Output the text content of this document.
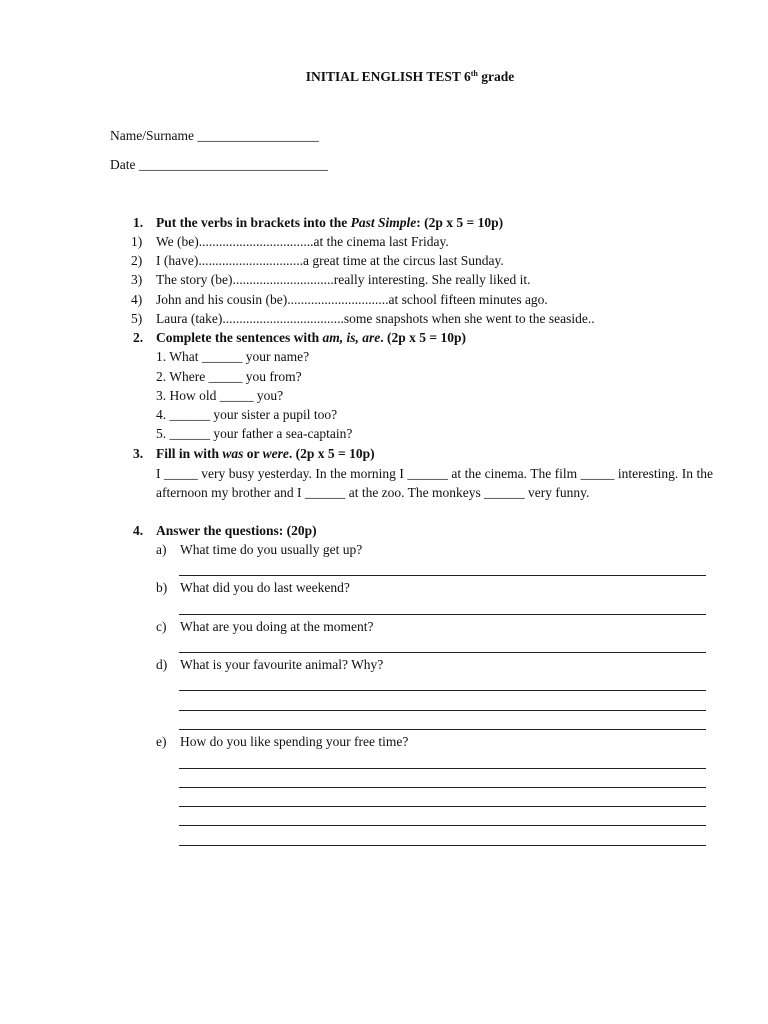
INITIAL ENGLISH TEST 6th grade
Name/Surname __________________
Date ____________________________
1. Put the verbs in brackets into the Past Simple: (2p x 5 = 10p)
1) We (be)..................................at the cinema last Friday.
2) I (have)...............................a great time at the circus last Sunday.
3) The story (be)..............................really interesting. She really liked it.
4) John and his cousin (be)..............................at school fifteen minutes ago.
5) Laura (take)....................................some snapshots when she went to the seaside..
2. Complete the sentences with am, is, are. (2p x 5 = 10p)
1. What ______ your name?
2. Where _____ you from?
3. How old _____ you?
4. ______ your sister a pupil too?
5. ______ your father a sea-captain?
3. Fill in with was or were. (2p x 5 = 10p)
I _____ very busy yesterday. In the morning I ______ at the cinema. The film _____ interesting. In the afternoon my brother and I ______ at the zoo. The monkeys ______ very funny.
4. Answer the questions: (20p)
a) What time do you usually get up?
b) What did you do last weekend?
c) What are you doing at the moment?
d) What is your favourite animal? Why?
e) How do you like spending your free time?
